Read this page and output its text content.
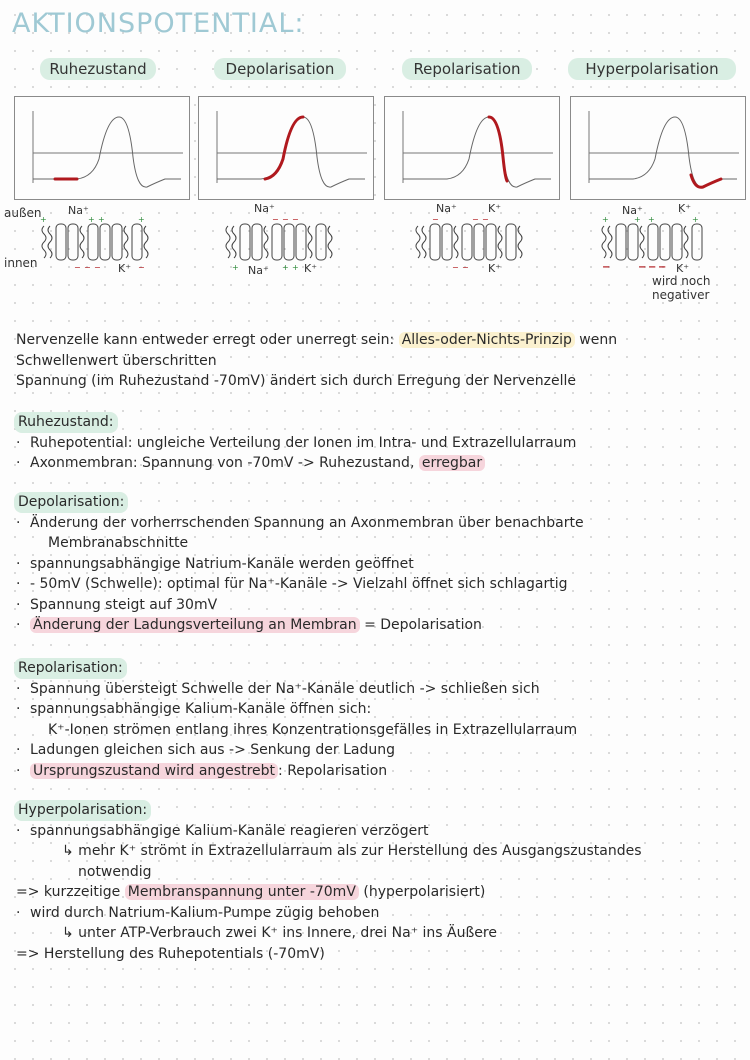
AKTIONSPOTENTIAL:
Ruhezustand	Depolarisation	Repolarisation	Hyperpolarisation
außen
innen
+	+ +	+
− − −	−
Na⁺
K⁺
− − −
+	+ +
Na⁺
Na⁺	K⁺
−	− −
− −
Na⁺	K⁺
K⁺
+	+ +	+
−	− − −
Na⁺	K⁺
K⁺
wird noch
negativer
Nervenzelle kann entweder erregt oder unerregt sein: Alles-oder-Nichts-Prinzip wenn
Schwellenwert überschritten
Spannung (im Ruhezustand -70mV) ändert sich durch Erregung der Nervenzelle
Ruhezustand:
· Ruhepotential: ungleiche Verteilung der Ionen im Intra- und Extrazellularraum
· Axonmembran: Spannung von -70mV -> Ruhezustand, erregbar
Depolarisation:
· Änderung der vorherrschenden Spannung an Axonmembran über benachbarte
Membranabschnitte
· spannungsabhängige Natrium-Kanäle werden geöffnet
· - 50mV (Schwelle): optimal für Na⁺-Kanäle -> Vielzahl öffnet sich schlagartig
· Spannung steigt auf 30mV
· Änderung der Ladungsverteilung an Membran = Depolarisation
Repolarisation:
· Spannung übersteigt Schwelle der Na⁺-Kanäle deutlich -> schließen sich
· spannungsabhängige Kalium-Kanäle öffnen sich:
K⁺-Ionen strömen entlang ihres Konzentrationsgefälles in Extrazellularraum
· Ladungen gleichen sich aus -> Senkung der Ladung
· Ursprungszustand wird angestrebt : Repolarisation
Hyperpolarisation:
· spannungsabhängige Kalium-Kanäle reagieren verzögert
↳ mehr K⁺ strömt in Extrazellularraum als zur Herstellung des Ausgangszustandes
notwendig
=> kurzzeitige Membranspannung unter -70mV (hyperpolarisiert)
· wird durch Natrium-Kalium-Pumpe zügig behoben
↳ unter ATP-Verbrauch zwei K⁺ ins Innere, drei Na⁺ ins Äußere
=> Herstellung des Ruhepotentials (-70mV)
